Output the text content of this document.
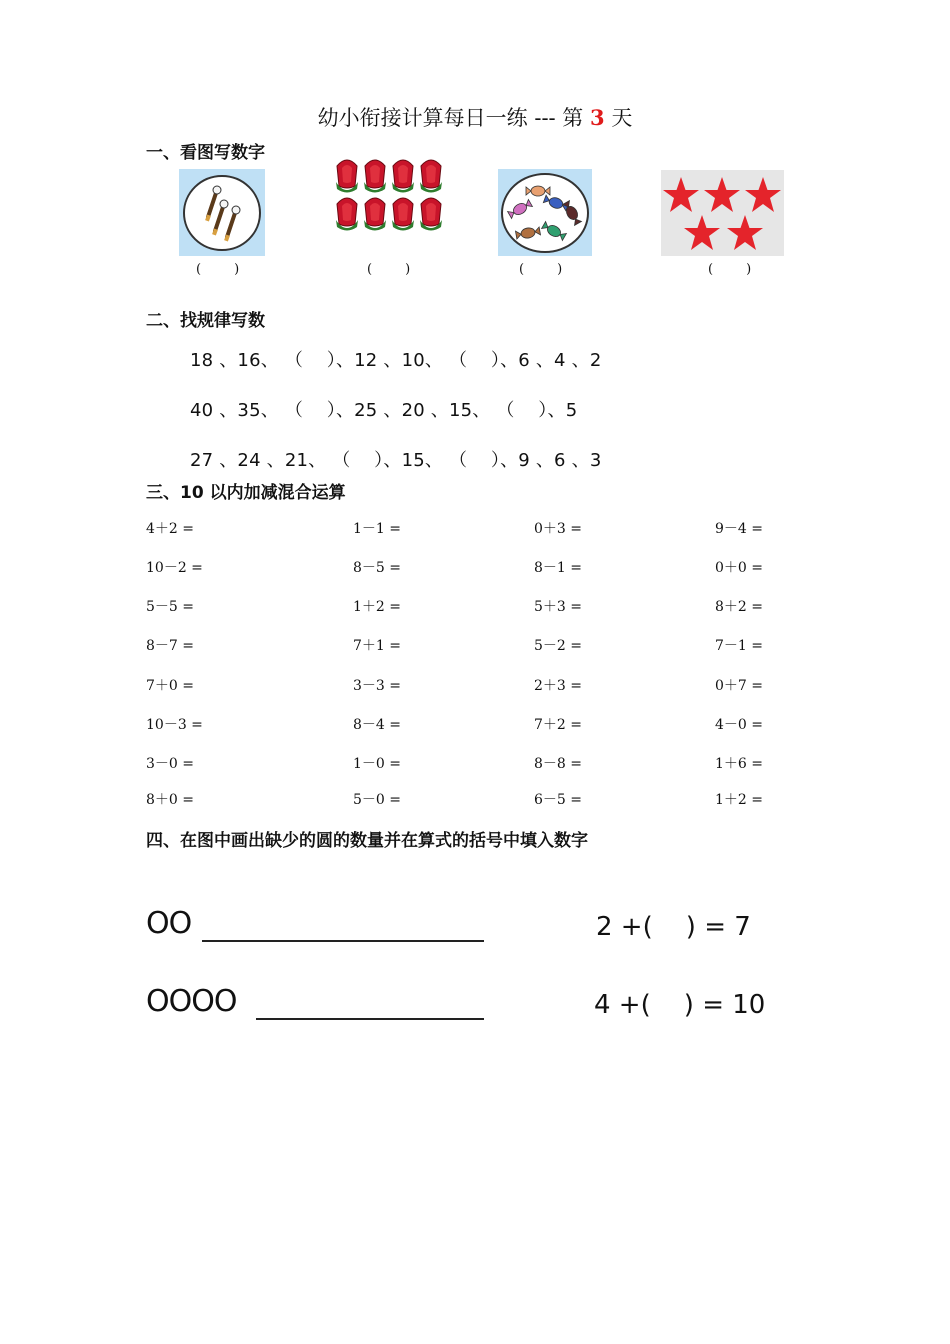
幼小衔接计算每日一练 --- 第 3 天
一、看图写数字
(        )	(        )	(        )	(        )
二、找规律写数
18 、16、 （    ）、12 、10、 （    ）、6 、4 、2
40 、35、 （    ）、25 、20 、15、 （    ）、5
27 、24 、21、 （    ）、15、 （    ）、9 、6 、3
三、10 以内加减混合运算
4＋2 =	1－1 =	0＋3 =	9－4 =
10－2 =	8－5 =	8－1 =	0＋0 =
5－5 =	1＋2 =	5＋3 =	8＋2 =
8－7 =	7＋1 =	5－2 =	7－1 =
7＋0 =	3－3 =	2＋3 =	0＋7 =
10－3 =	8－4 =	7＋2 =	4－0 =
3－0 =	1－0 =	8－8 =	1＋6 =
8＋0 =	5－0 =	6－5 =	1＋2 =
四、在图中画出缺少的圆的数量并在算式的括号中填入数字
OO	2 +(    ) = 7
OOOO	4 +(    ) = 10
